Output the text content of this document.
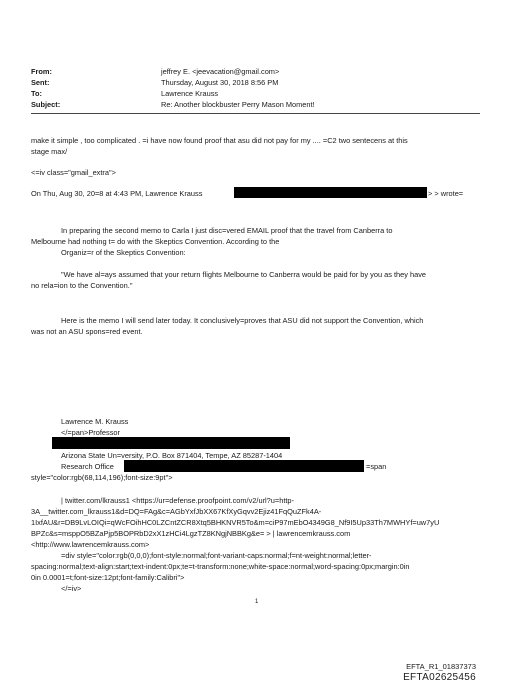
From:	jeffrey E. <jeevacation@gmail.com>
Sent:	Thursday, August 30, 2018 8:56 PM
To:	Lawrence Krauss
Subject:	Re: Another blockbuster Perry Mason Moment!
make it simple , too complicated . =i have now found proof that asu did not pay for my .... =C2 two sentecens at this
stage max/
<=iv class="gmail_extra">
On Thu, Aug 30, 20=8 at 4:43 PM, Lawrence Krauss	> > wrote=
In preparing the second memo to Carla I just disc=vered EMAIL proof that the travel from Canberra to
Melbourne had nothing t= do with the Skeptics Convention. According to the
Organiz=r of the Skeptics Convention:
"We have al=ays assumed that your return flights Melbourne to Canberra would be paid for by you as they have
no rela=ion to the Convention."
Here is the memo I will send later today. It conclusively=proves that ASU did not support the Convention, which
was not an ASU spons=red event.
Lawrence M. Krauss
</=pan>Professor
Arizona State Un=versity, P.O. Box 871404, Tempe, AZ 85287-1404
Research Office	=span
style="color:rgb(68,114,196);font-size:9pt">
| twitter.com/lkrauss1 <https://ur=defense.proofpoint.com/v2/url?u=http-
3A__twitter.com_lkrauss1&d=DQ=FAg&c=AGbYxfJbXX67KfXyGqvv2Ejiz41FqQuZFk4A-
1IxfAU&r=DB9LvLOIQi=qWcFOihHC0LZCntZCR8Xtq5BHKNVR5To&m=ciP97mEbO4349G8_Nf9I5Up33Th7MWHYf=uw7yU
BPZc&s=msppO5BZaPjp5BOPRbD2xX1zHCi4LgzTZ8KNgjNBBKg&e= > | lawrencemkrauss.com
<http://www.lawrencemkrauss.com>
=div style="color:rgb(0,0,0);font-style:normal;font-variant-caps:normal;f=nt-weight:normal;letter-
spacing:normal;text-align:start;text-indent:0px;te=t-transform:none;white-space:normal;word-spacing:0px;margin:0in
0in 0.0001=t;font-size:12pt;font-family:Calibri">
</=iv>
1
EFTA_R1_01837373
EFTA02625456
